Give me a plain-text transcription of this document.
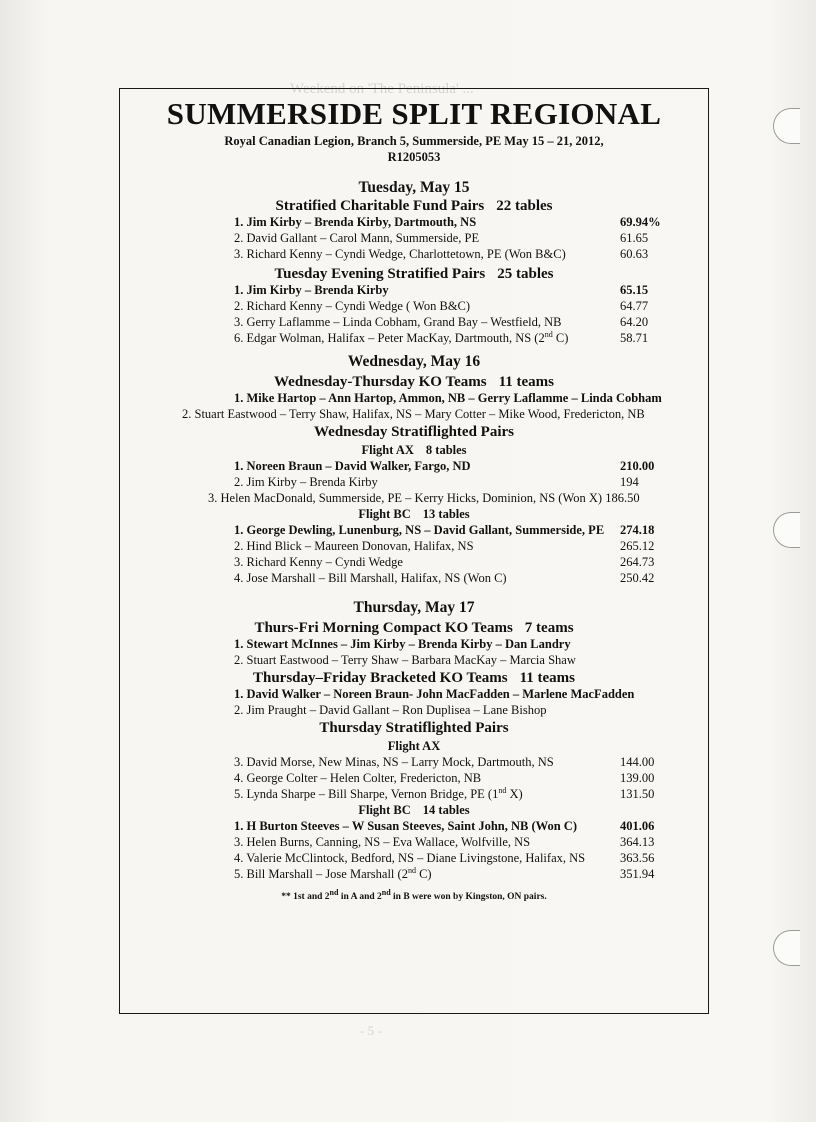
Weekend on 'The Peninsula' ...
- 5 -
SUMMERSIDE SPLIT REGIONAL
Royal Canadian Legion, Branch 5, Summerside, PE May 15 – 21, 2012,
R1205053
Tuesday, May 15
Stratified Charitable Fund Pairs 22 tables
1. Jim Kirby – Brenda Kirby, Dartmouth, NS	69.94%
2. David Gallant – Carol Mann, Summerside, PE	61.65
3. Richard Kenny – Cyndi Wedge, Charlottetown, PE (Won B&C)	60.63
Tuesday Evening Stratified Pairs 25 tables
1. Jim Kirby – Brenda Kirby	65.15
2. Richard Kenny – Cyndi Wedge ( Won B&C)	64.77
3. Gerry Laflamme – Linda Cobham, Grand Bay – Westfield, NB	64.20
6. Edgar Wolman, Halifax – Peter MacKay, Dartmouth, NS (2nd C)	58.71
Wednesday, May 16
Wednesday-Thursday KO Teams 11 teams
1. Mike Hartop – Ann Hartop, Ammon, NB – Gerry Laflamme – Linda Cobham
2. Stuart Eastwood – Terry Shaw, Halifax, NS – Mary Cotter – Mike Wood, Fredericton, NB
Wednesday Stratiflighted Pairs
Flight AX 8 tables
1. Noreen Braun – David Walker, Fargo, ND	210.00
2. Jim Kirby – Brenda Kirby	194
3. Helen MacDonald, Summerside, PE – Kerry Hicks, Dominion, NS (Won X) 186.50
Flight BC 13 tables
1. George Dewling, Lunenburg, NS – David Gallant, Summerside, PE 274.18
2. Hind Blick – Maureen Donovan, Halifax, NS	265.12
3. Richard Kenny – Cyndi Wedge	264.73
4. Jose Marshall – Bill Marshall, Halifax, NS (Won C)	250.42
Thursday, May 17
Thurs-Fri Morning Compact KO Teams 7 teams
1. Stewart McInnes – Jim Kirby – Brenda Kirby – Dan Landry
2. Stuart Eastwood – Terry Shaw – Barbara MacKay – Marcia Shaw
Thursday–Friday Bracketed KO Teams 11 teams
1. David Walker – Noreen Braun- John MacFadden – Marlene MacFadden
2. Jim Praught – David Gallant – Ron Duplisea – Lane Bishop
Thursday Stratiflighted Pairs
Flight AX
3. David Morse, New Minas, NS – Larry Mock, Dartmouth, NS	144.00
4. George Colter – Helen Colter, Fredericton, NB	139.00
5. Lynda Sharpe – Bill Sharpe, Vernon Bridge, PE (1nd X)	131.50
Flight BC 14 tables
1. H Burton Steeves – W Susan Steeves, Saint John, NB (Won C)	401.06
3. Helen Burns, Canning, NS – Eva Wallace, Wolfville, NS	364.13
4. Valerie McClintock, Bedford, NS – Diane Livingstone, Halifax, NS	363.56
5. Bill Marshall – Jose Marshall (2nd C)	351.94
** 1st and 2nd in A and 2nd in B were won by Kingston, ON pairs.
